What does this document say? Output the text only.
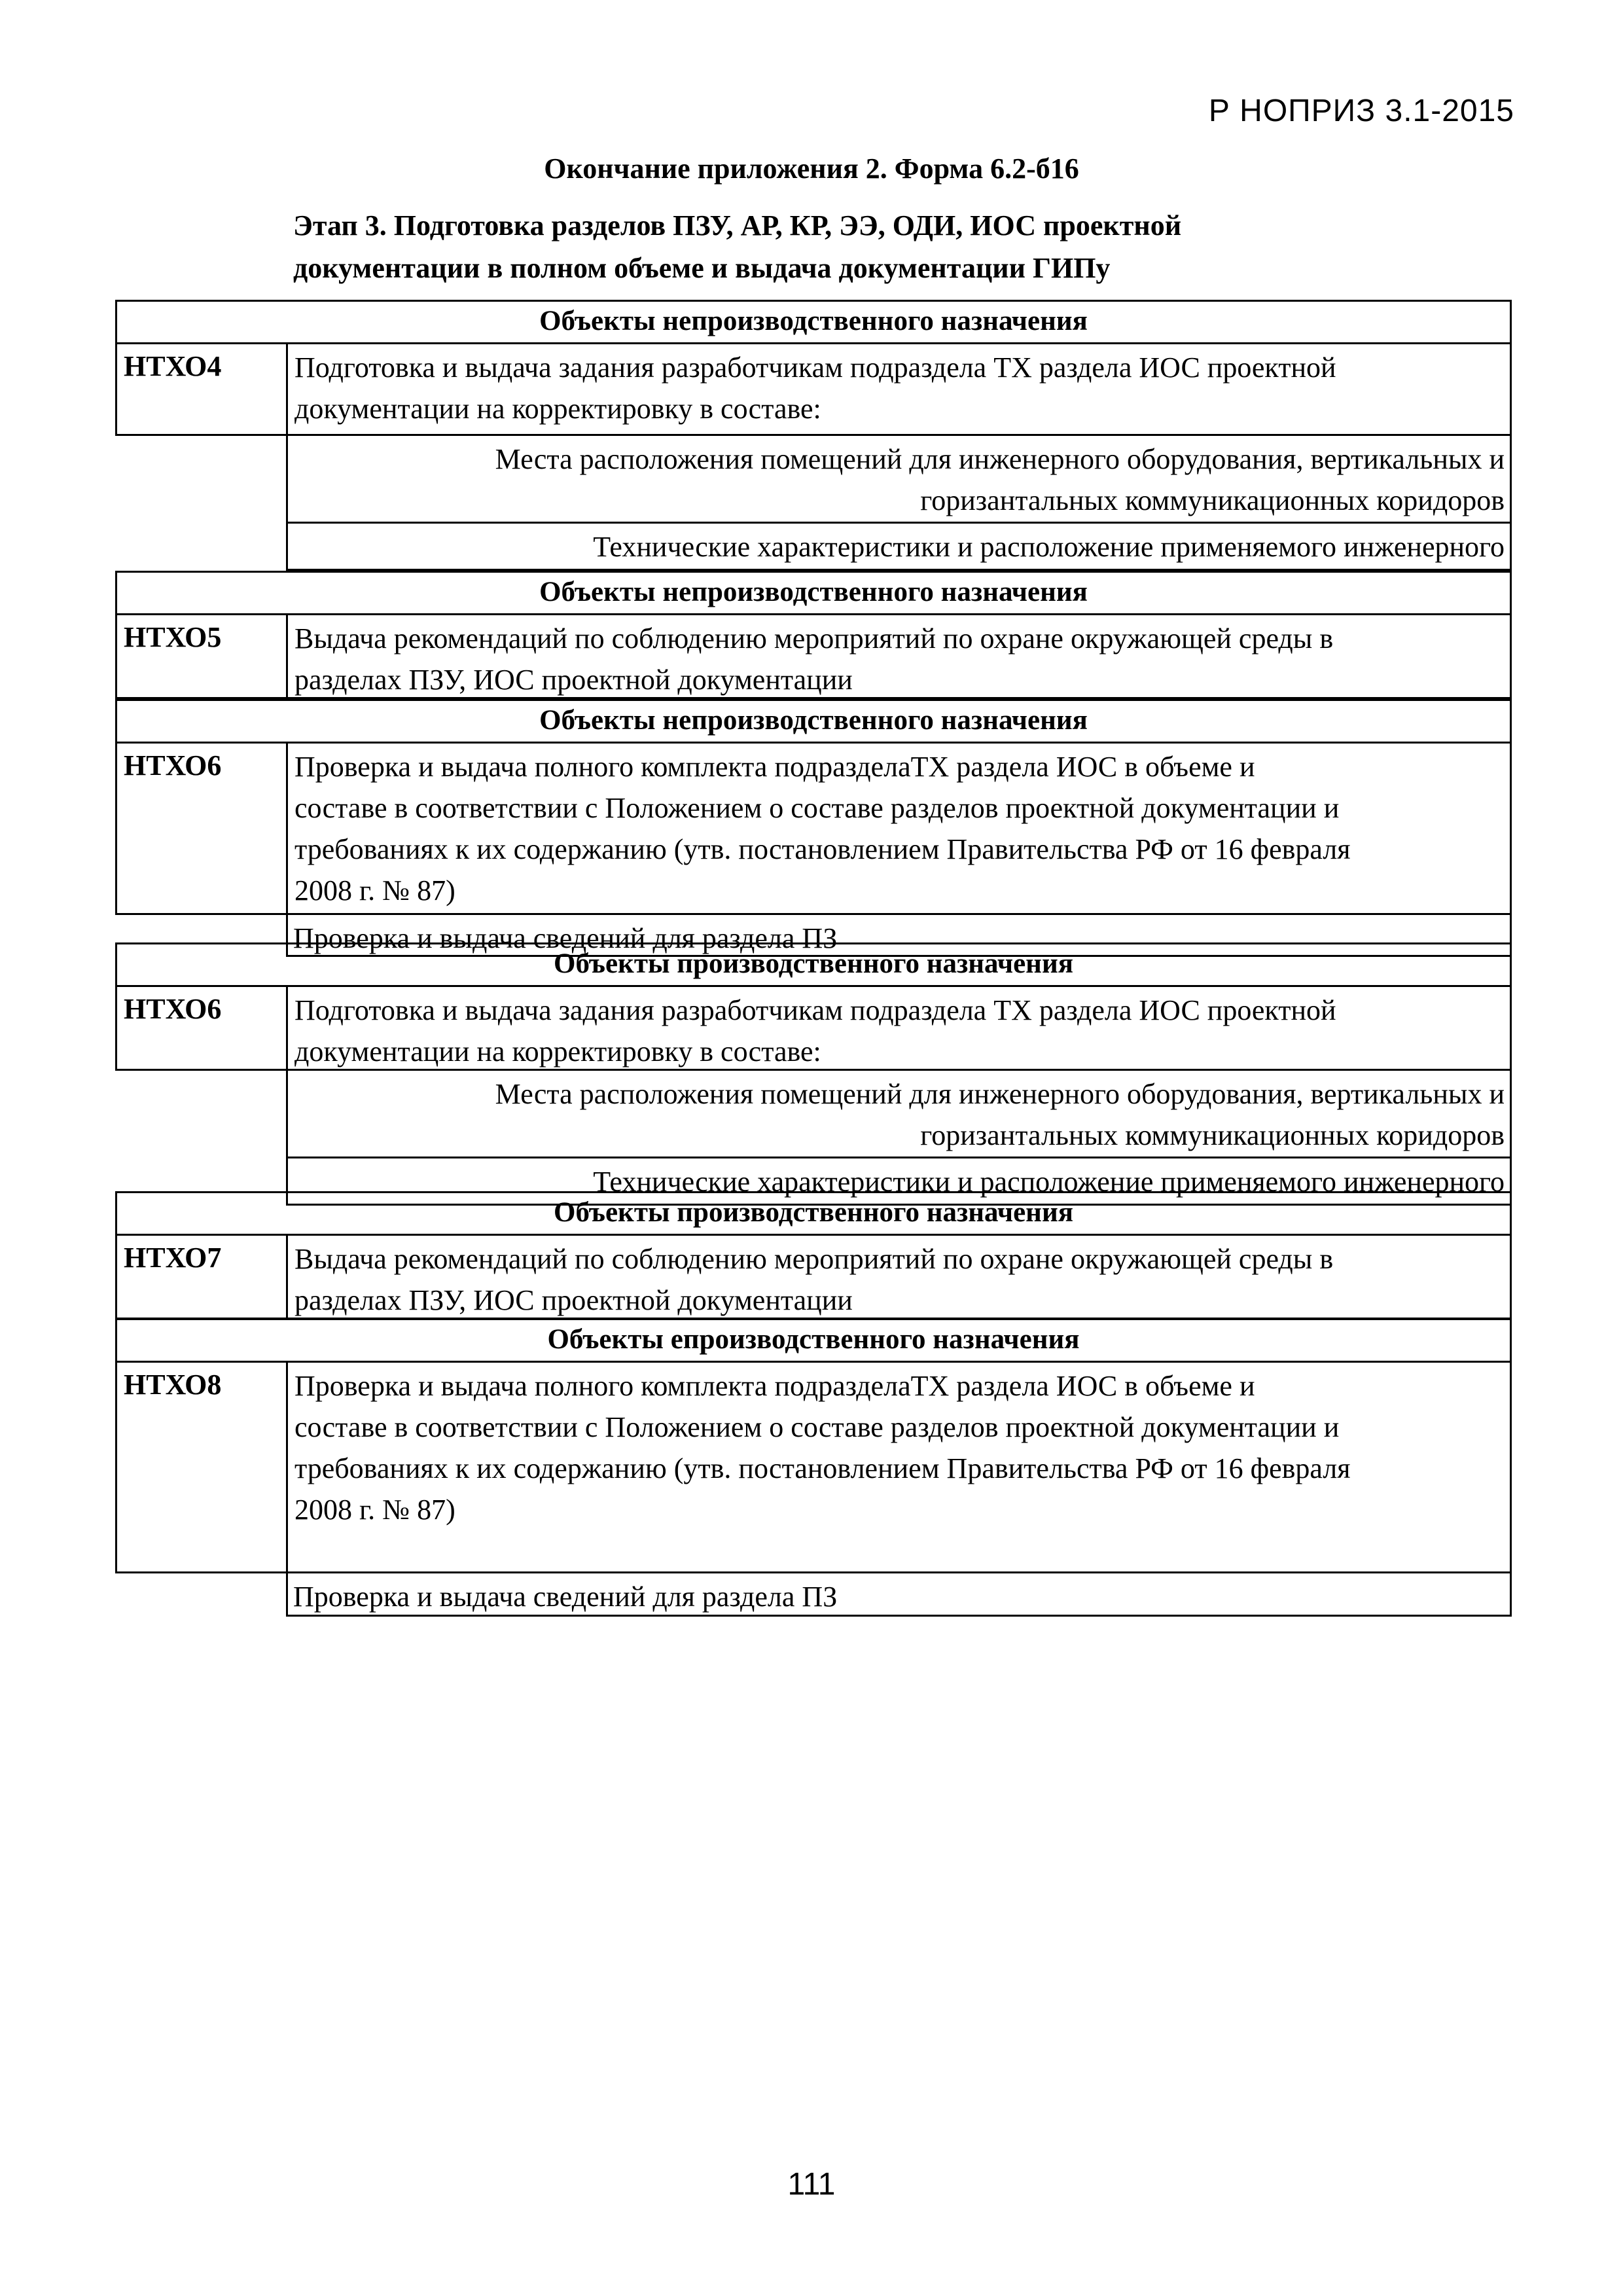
Р НОПРИЗ 3.1-2015
Окончание приложения 2. Форма 6.2-б16
Этап 3. Подготовка разделов ПЗУ, АР, КР, ЭЭ, ОДИ, ИОС проектной
документации в полном объеме и выдача документации ГИПу
Объекты непроизводственного назначения
НТХО4	Подготовка и выдача задания разработчикам подраздела ТХ раздела ИОС проектной
документации на корректировку в составе:
Места расположения помещений для инженерного оборудования, вертикальных и
горизантальных коммуникационных коридоров
Технические характеристики и расположение применяемого инженерного
Объекты непроизводственного назначения
НТХО5	Выдача рекомендаций по соблюдению мероприятий по охране окружающей среды в
разделах ПЗУ, ИОС проектной документации
Объекты непроизводственного назначения
НТХО6	Проверка и выдача полного комплекта подразделаТХ раздела ИОС в объеме и
составе в соответствии с Положением о составе разделов проектной документации и
требованиях к их содержанию (утв. постановлением Правительства РФ от 16 февраля
2008 г. № 87)
Проверка и выдача сведений для раздела ПЗ
Объекты производственного назначения
НТХО6	Подготовка и выдача задания разработчикам подраздела ТХ раздела ИОС проектной
документации на корректировку в составе:
Места расположения помещений для инженерного оборудования, вертикальных и
горизантальных коммуникационных коридоров
Технические характеристики и расположение применяемого инженерного
Объекты производственного назначения
НТХО7	Выдача рекомендаций по соблюдению мероприятий по охране окружающей среды в
разделах ПЗУ, ИОС проектной документации
Объекты епроизводственного назначения
НТХО8	Проверка и выдача полного комплекта подразделаТХ раздела ИОС в объеме и
составе в соответствии с Положением о составе разделов проектной документации и
требованиях к их содержанию (утв. постановлением Правительства РФ от 16 февраля
2008 г. № 87)
Проверка и выдача сведений для раздела ПЗ
111
